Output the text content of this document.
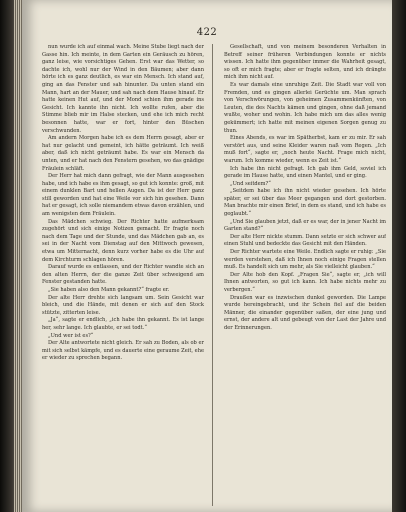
422

nun wurde ich auf einmal wach. Meine Stube liegt nach der Gasse hin. Ich meinte, in dem Garten ein Geräusch zu hören, ganz leise, wie vorsichtiges Gehen. Erst war das Wetter, so dachte ich, wohl nur der Wind in den Bäumen; aber dann hörte ich es ganz deutlich, es war ein Mensch. Ich stand auf, ging an das Fenster und sah hinunter. Da unten stand ein Mann, hart an der Mauer, und sah nach dem Hause hinauf. Er hatte keinen Hut auf, und der Mond schien ihm gerade ins Gesicht. Ich kannte ihn nicht. Ich wollte rufen, aber die Stimme blieb mir im Halse stecken, und ehe ich mich recht besonnen hatte, war er fort, hinter den Büschen verschwunden.

Am andern Morgen habe ich es dem Herrn gesagt, aber er hat nur gelacht und gemeint, ich hätte geträumt. Ich weiß aber, daß ich nicht geträumt habe. Es war ein Mensch da unten, und er hat nach den Fenstern gesehen, wo das gnädige Fräulein schläft.

Der Herr hat mich dann gefragt, wie der Mann ausgesehen habe, und ich habe es ihm gesagt, so gut ich konnte: groß, mit einem dunklen Bart und hellen Augen. Da ist der Herr ganz still geworden und hat eine Weile vor sich hin gesehen. Dann hat er gesagt, ich solle niemandem etwas davon erzählen, und am wenigsten dem Fräulein.

Das Mädchen schwieg. Der Richter hatte aufmerksam zugehört und sich einige Notizen gemacht. Er fragte noch nach dem Tage und der Stunde, und das Mädchen gab an, es sei in der Nacht vom Dienstag auf den Mittwoch gewesen, etwa um Mitternacht, denn kurz vorher habe es die Uhr auf dem Kirchturm schlagen hören.

Darauf wurde es entlassen, und der Richter wandte sich an den alten Herrn, der die ganze Zeit über schweigend am Fenster gestanden hatte.

„Sie haben also den Mann gekannt?“ fragte er.

Der alte Herr drehte sich langsam um. Sein Gesicht war bleich, und die Hände, mit denen er sich auf den Stock stützte, zitterten leise.

„Ja“, sagte er endlich, „ich habe ihn gekannt. Es ist lange her, sehr lange. Ich glaubte, er sei todt.“

„Und wer ist es?“

Der Alte antwortete nicht gleich. Er sah zu Boden, als ob er mit sich selbst kämpfe, und es dauerte eine geraume Zeit, ehe er wieder zu sprechen begann.

Gesellschaft, und von meinem besonderen Verhalten in Betreff seiner früheren Verbindungen konnte er nichts wissen. Ich hatte ihm gegenüber immer die Wahrheit gesagt, so oft er mich fragte; aber er fragte selten, und ich drängte mich ihm nicht auf.

Es war damals eine unruhige Zeit. Die Stadt war voll von Fremden, und es gingen allerlei Gerüchte um. Man sprach von Verschwörungen, von geheimen Zusammenkünften, von Leuten, die des Nachts kämen und gingen, ohne daß jemand wußte, woher und wohin. Ich habe mich um das alles wenig gekümmert; ich hatte mit meinen eigenen Sorgen genug zu thun.

Eines Abends, es war im Spätherbst, kam er zu mir. Er sah verstört aus, und seine Kleider waren naß vom Regen. „Ich muß fort“, sagte er, „noch heute Nacht. Frage mich nicht, warum. Ich komme wieder, wenn es Zeit ist.“

Ich habe ihn nicht gefragt. Ich gab ihm Geld, soviel ich gerade im Hause hatte, und einen Mantel, und er ging.

„Und seitdem?“

„Seitdem habe ich ihn nicht wieder gesehen. Ich hörte später, er sei über das Meer gegangen und dort gestorben. Man brachte mir einen Brief, in dem es stand, und ich habe es geglaubt.“

„Und Sie glauben jetzt, daß er es war, der in jener Nacht im Garten stand?“

Der alte Herr nickte stumm. Dann setzte er sich schwer auf einen Stuhl und bedeckte das Gesicht mit den Händen.

Der Richter wartete eine Weile. Endlich sagte er ruhig: „Sie werden verstehen, daß ich Ihnen noch einige Fragen stellen muß. Es handelt sich um mehr, als Sie vielleicht glauben.“

Der Alte hob den Kopf. „Fragen Sie“, sagte er, „ich will Ihnen antworten, so gut ich kann. Ich habe nichts mehr zu verbergen.“

Draußen war es inzwischen dunkel geworden. Die Lampe wurde hereingebracht, und ihr Schein fiel auf die beiden Männer, die einander gegenüber saßen, der eine jung und ernst, der andere alt und gebeugt von der Last der Jahre und der Erinnerungen.
